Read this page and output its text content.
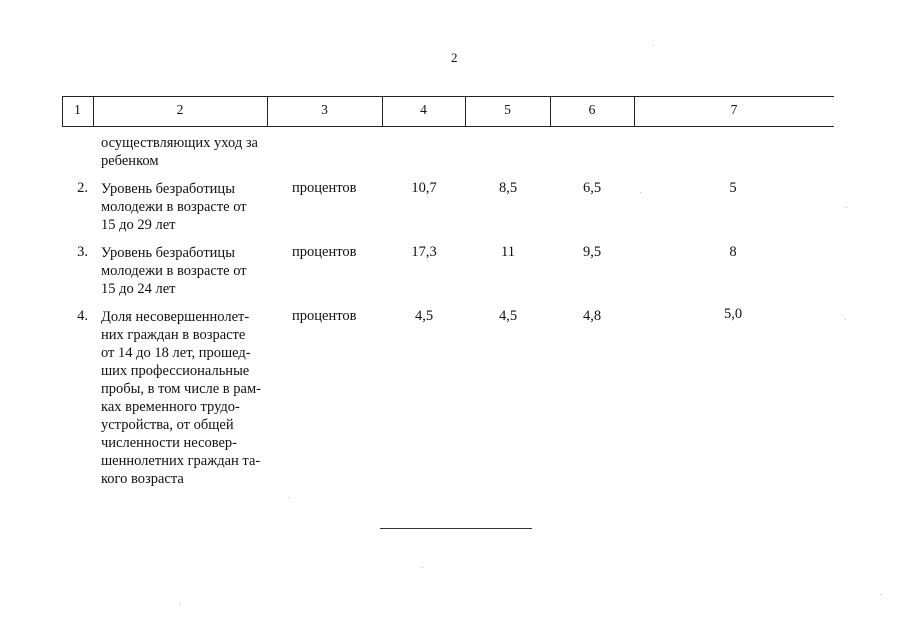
2
1	2	3	4	5	6	7
осуществляющих уход за
ребенком
2. Уровень безработицы
молодежи в возрасте от
15 до 29 лет
процентов	10,7	8,5	6,5	5
3. Уровень безработицы
молодежи в возрасте от
15 до 24 лет
процентов	17,3	11	9,5	8
4. Доля несовершеннолет-
них граждан в возрасте
от 14 до 18 лет, прошед-
ших профессиональные
пробы, в том числе в рам-
ках временного трудо-
устройства, от общей
численности несовер-
шеннолетних граждан та-
кого возраста
процентов	4,5	4,5	4,8	5,0
